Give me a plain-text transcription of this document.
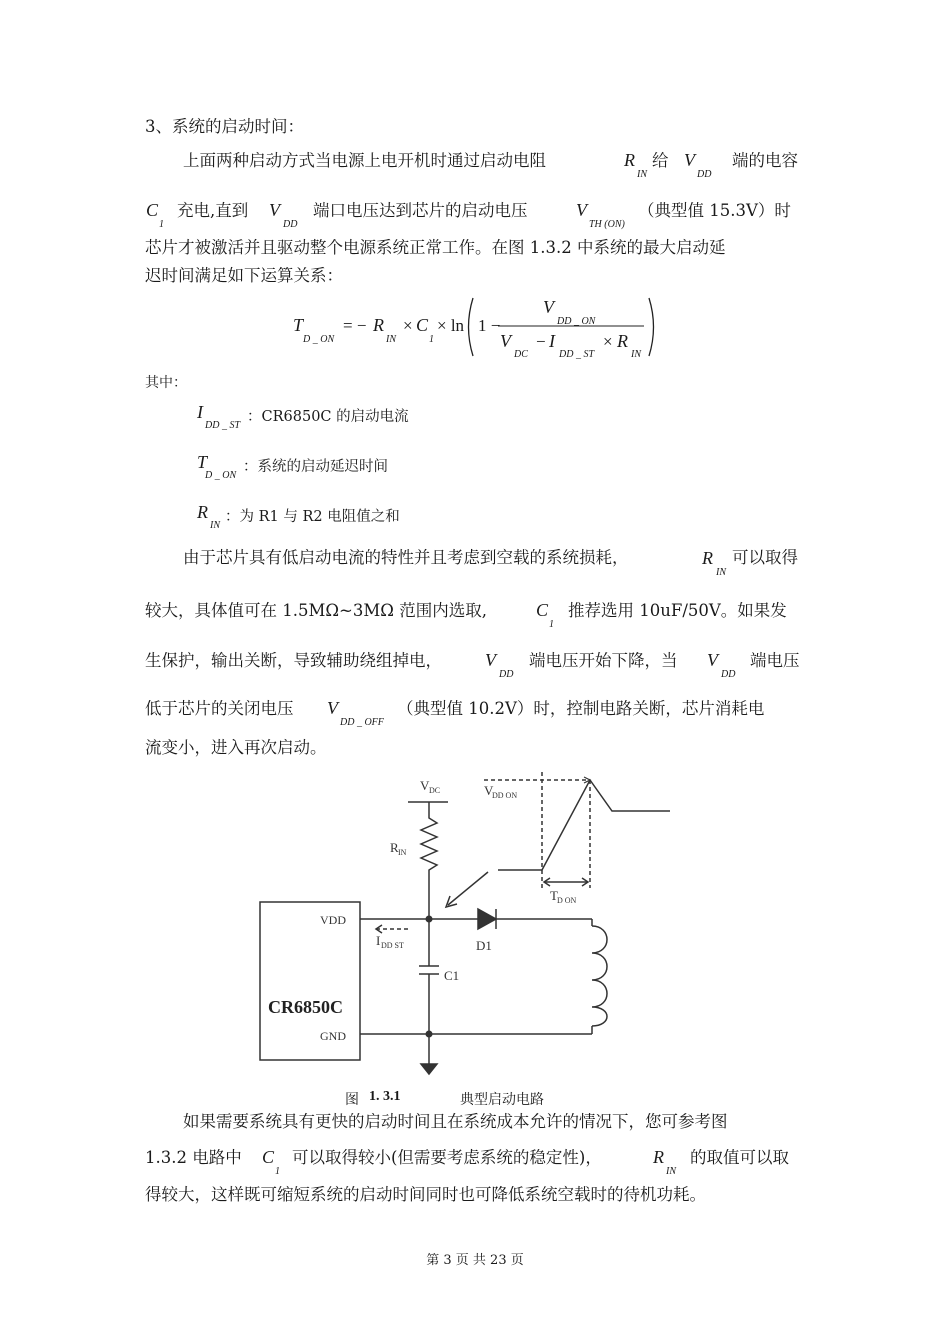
3、系统的启动时间：
上面两种启动方式当电源上电开机时通过启动电阻	R
IN
给 V
DD
端的电容
C
1
充电,直到 V
DD
端口电压达到芯片的启动电压	V
TH (ON)
（典型值 15.3V）时
芯片才被激活并且驱动整个电源系统正常工作。在图 1.3.2 中系统的最大启动延
迟时间满足如下运算关系：
T
D _ ON
= − R
IN
× C
1
× ln 1 −
V
DD _ ON
V
DC
− I
DD _ ST
× R
IN
其中：
I
DD _ ST
：CR6850C 的启动电流
T
D _ ON
：系统的启动延迟时间
R
IN
：为 R1 与 R2 电阻值之和
由于芯片具有低启动电流的特性并且考虑到空载的系统损耗，	R
IN
可以取得
较大，具体值可在 1.5MΩ~3MΩ 范围内选取,	C
1
推荐选用 10uF/50V。如果发
生保护，输出关断，导致辅助绕组掉电， V
DD
端电压开始下降，当 V
DD
端电压
低于芯片的关闭电压 V
DD _ OFF
（典型值 10.2V）时，控制电路关断，芯片消耗电
流变小，进入再次启动。
CR6850C
VDD
GND
V DC
R IN
I DD ST	D1
C1
V
DD ON
T D ON
图 1. 3.1	典型启动电路
如果需要系统具有更快的启动时间且在系统成本允许的情况下，您可参考图
1.3.2 电路中 C
1
可以取得较小(但需要考虑系统的稳定性)，	R
IN
的取值可以取
得较大，这样既可缩短系统的启动时间同时也可降低系统空载时的待机功耗。
第 3 页 共 23 页
